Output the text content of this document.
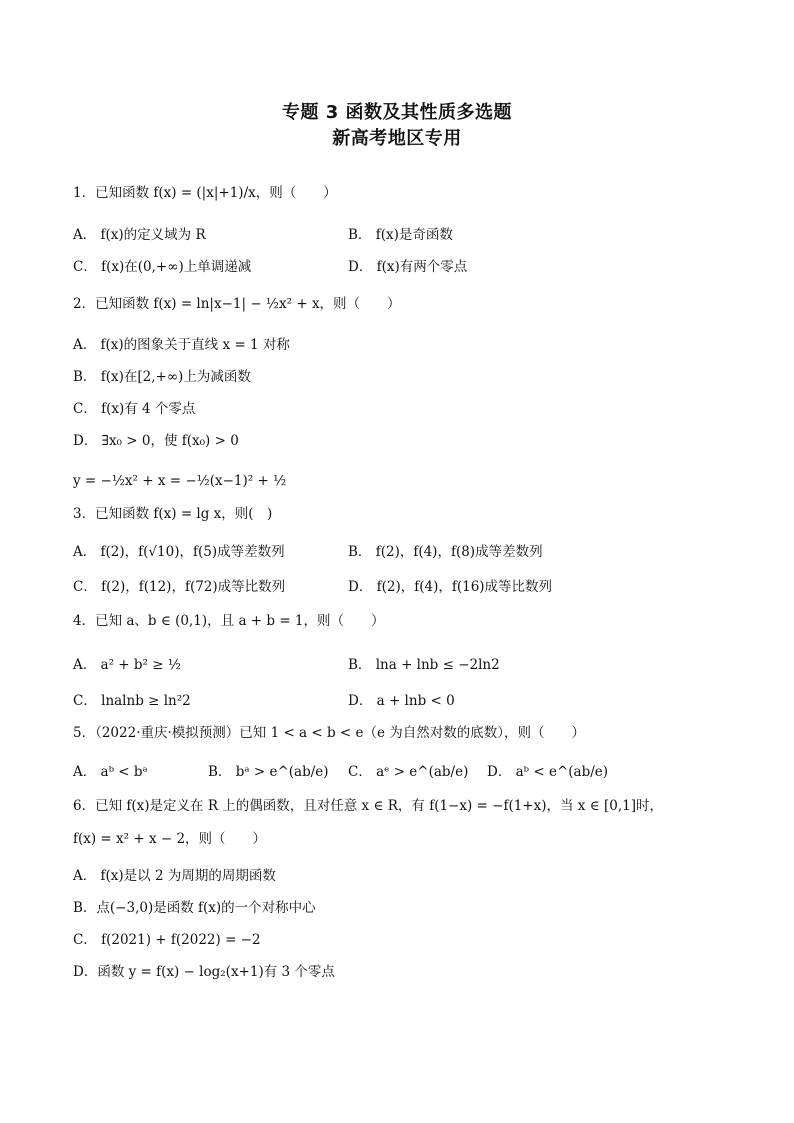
专题 3 函数及其性质多选题
新高考地区专用
1．已知函数 f(x) = (|x|+1)/x，则（　　）
A． f(x)的定义域为 R	B． f(x)是奇函数
C． f(x)在(0,+∞)上单调递减	D． f(x)有两个零点
2．已知函数 f(x) = ln|x−1| − ½x² + x，则（　　）
A． f(x)的图象关于直线 x = 1 对称
B． f(x)在[2,+∞)上为减函数
C． f(x)有 4 个零点
D． ∃x₀ > 0，使 f(x₀) > 0
y = −½x² + x = −½(x−1)² + ½
3．已知函数 f(x) = lg x，则(　)
A． f(2)，f(√10)，f(5)成等差数列	B． f(2)，f(4)，f(8)成等差数列
C． f(2)，f(12)，f(72)成等比数列	D． f(2)，f(4)，f(16)成等比数列
4．已知 a、b ∈ (0,1)，且 a + b = 1，则（　　）
A． a² + b² ≥ ½	B． lna + lnb ≤ −2ln2
C． lnalnb ≥ ln²2	D． a + lnb < 0
5．（2022·重庆·模拟预测）已知 1 < a < b < e（e 为自然对数的底数），则（　　）
A． aᵇ < bᵃ	B． bᵃ > e^(ab/e) C． aᵉ > e^(ab/e) D． aᵇ < e^(ab/e)
6．已知 f(x)是定义在 R 上的偶函数，且对任意 x ∈ R，有 f(1−x) = −f(1+x)，当 x ∈ [0,1]时，
f(x) = x² + x − 2，则（　　）
A． f(x)是以 2 为周期的周期函数
B．点(−3,0)是函数 f(x)的一个对称中心
C． f(2021) + f(2022) = −2
D．函数 y = f(x) − log₂(x+1)有 3 个零点
